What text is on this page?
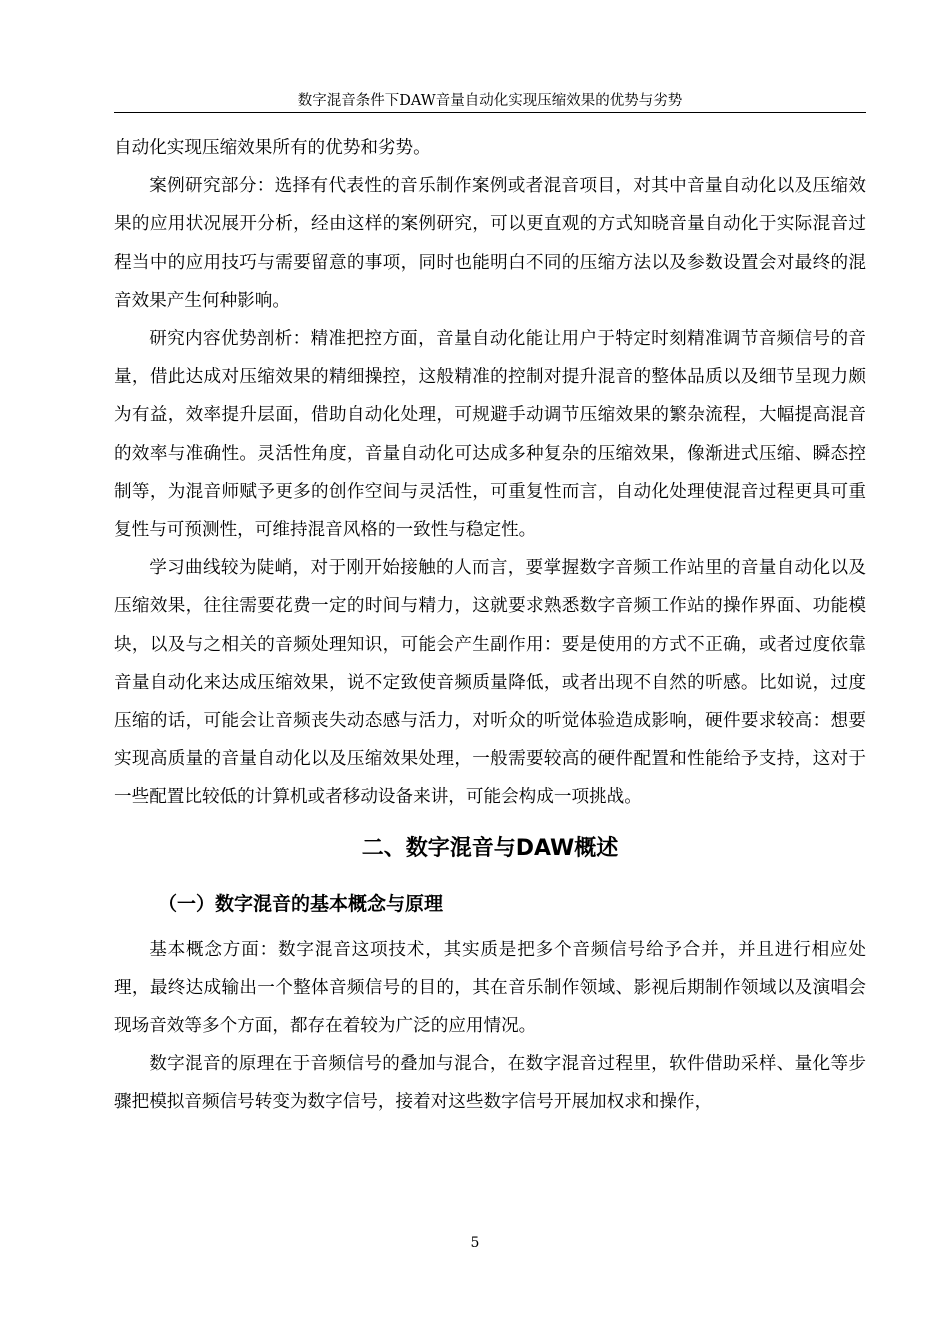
数字混音条件下DAW音量自动化实现压缩效果的优势与劣势

自动化实现压缩效果所有的优势和劣势。

案例研究部分：选择有代表性的音乐制作案例或者混音项目，对其中音量自动化以及压缩效果的应用状况展开分析，经由这样的案例研究，可以更直观的方式知晓音量自动化于实际混音过程当中的应用技巧与需要留意的事项，同时也能明白不同的压缩方法以及参数设置会对最终的混音效果产生何种影响。

研究内容优势剖析：精准把控方面，音量自动化能让用户于特定时刻精准调节音频信号的音量，借此达成对压缩效果的精细操控，这般精准的控制对提升混音的整体品质以及细节呈现力颇为有益，效率提升层面，借助自动化处理，可规避手动调节压缩效果的繁杂流程，大幅提高混音的效率与准确性。灵活性角度，音量自动化可达成多种复杂的压缩效果，像渐进式压缩、瞬态控制等，为混音师赋予更多的创作空间与灵活性，可重复性而言，自动化处理使混音过程更具可重复性与可预测性，可维持混音风格的一致性与稳定性。

学习曲线较为陡峭，对于刚开始接触的人而言，要掌握数字音频工作站里的音量自动化以及压缩效果，往往需要花费一定的时间与精力，这就要求熟悉数字音频工作站的操作界面、功能模块，以及与之相关的音频处理知识，可能会产生副作用：要是使用的方式不正确，或者过度依靠音量自动化来达成压缩效果，说不定致使音频质量降低，或者出现不自然的听感。比如说，过度压缩的话，可能会让音频丧失动态感与活力，对听众的听觉体验造成影响，硬件要求较高：想要实现高质量的音量自动化以及压缩效果处理，一般需要较高的硬件配置和性能给予支持，这对于一些配置比较低的计算机或者移动设备来讲，可能会构成一项挑战。

二、数字混音与DAW概述
（一）数字混音的基本概念与原理

基本概念方面：数字混音这项技术，其实质是把多个音频信号给予合并，并且进行相应处理，最终达成输出一个整体音频信号的目的，其在音乐制作领域、影视后期制作领域以及演唱会现场音效等多个方面，都存在着较为广泛的应用情况。

数字混音的原理在于音频信号的叠加与混合，在数字混音过程里，软件借助采样、量化等步骤把模拟音频信号转变为数字信号，接着对这些数字信号开展加权求和操作，

5
